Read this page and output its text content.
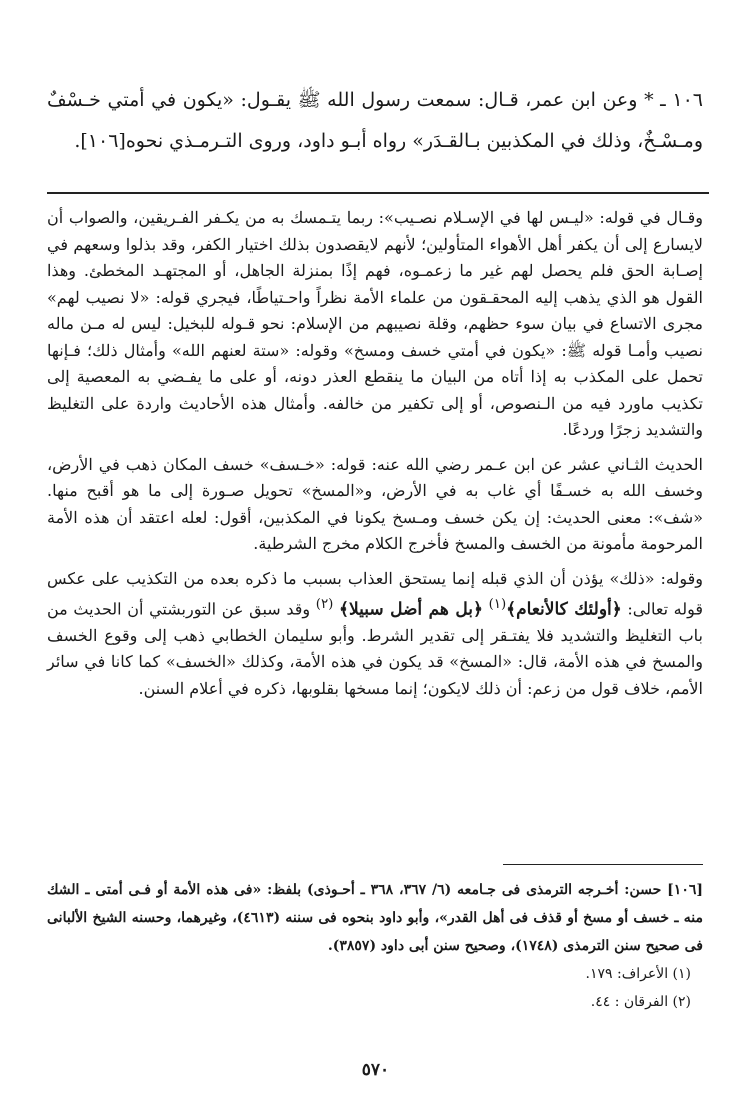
١٠٦ ـ * وعن ابن عمر، قـال: سمعت رسول الله ﷺ يقـول: «يكون في أمتي خـسْفٌ ومـسْـخٌ، وذلك في المكذبين بـالقـدَر» رواه أبـو داود، وروى التـرمـذي نحوه[١٠٦].

وقـال في قوله: «ليـس لها في الإسـلام نصـيب»: ربما يتـمسك به من يكـفر الفـريقين، والصواب أن لايسارع إلى أن يكفر أهل الأهواء المتأولين؛ لأنهم لايقصدون بذلك اختيار الكفر، وقد بذلوا وسعهم في إصـابة الحق فلم يحصل لهم غير ما زعمـوه، فهم إذًا بمنزلة الجاهل، أو المجتهـد المخطئ. وهذا القول هو الذي يذهب إليه المحقـقون من علماء الأمة نظراً واحـتياطًا، فيجري قوله: «لا نصيب لهم» مجرى الاتساع في بيان سوء حظهم، وقلة نصيبهم من الإسلام: نحو قـوله للبخيل: ليس له مـن ماله نصيب وأمـا قوله ﷺ: «يكون في أمتي خسف ومسخ» وقوله: «ستة لعنهم الله» وأمثال ذلك؛ فـإنها تحمل على المكذب به إذا أتاه من البيان ما ينقطع العذر دونه، أو على ما يفـضي به المعصية إلى تكذيب ماورد فيه من الـنصوص، أو إلى تكفير من خالفه. وأمثال هذه الأحاديث واردة على التغليظ والتشديد زجرًا وردعًا.

الحديث الثـاني عشر عن ابن عـمر رضي الله عنه: قوله: «خـسف» خسف المكان ذهب في الأرض، وخسف الله به خسـفًا أي غاب به في الأرض، و«المسخ» تحويل صـورة إلى ما هو أقبح منها. «شف»: معنى الحديث: إن يكن خسف ومـسخ يكونا في المكذبين، أقول: لعله اعتقد أن هذه الأمة المرحومة مأمونة من الخسف والمسخ فأخرج الكلام مخرج الشرطية.

وقوله: «ذلك» يؤذن أن الذي قبله إنما يستحق العذاب بسبب ما ذكره بعده من التكذيب على عكس قوله تعالى: ﴿أولئك كالأنعام﴾$^{(١)}$ ﴿بل هم أضل سبيلا﴾ $^{(٢)}$ وقد سبق عن التوربشتي أن الحديث من باب التغليظ والتشديد فلا يفتـقر إلى تقدير الشرط. وأبو سليمان الخطابي ذهب إلى وقوع الخسف والمسخ في هذه الأمة، قال: «المسخ» قد يكون في هذه الأمة، وكذلك «الخسف» كما كانا في سائر الأمم، خلاف قول من زعم: أن ذلك لايكون؛ إنما مسخها بقلوبها، ذكره في أعلام السنن.

[١٠٦] حسن: أخـرجه الترمذى فى جـامعه (٦/ ٣٦٧، ٣٦٨ ـ أحـوذى) بلفظ: «فى هذه الأمة أو فـى أمتى ـ الشك منه ـ خسف أو مسخ أو قذف فى أهل القدر»، وأبو داود بنحوه فى سننه (٤٦١٣)، وغيرهما، وحسنه الشيخ الألبانى فى صحيح سنن الترمذى (١٧٤٨)، وصحيح سنن أبى داود (٣٨٥٧).

(١) الأعراف: ١٧٩.

(٢) الفرقان : ٤٤.

٥٧٠
